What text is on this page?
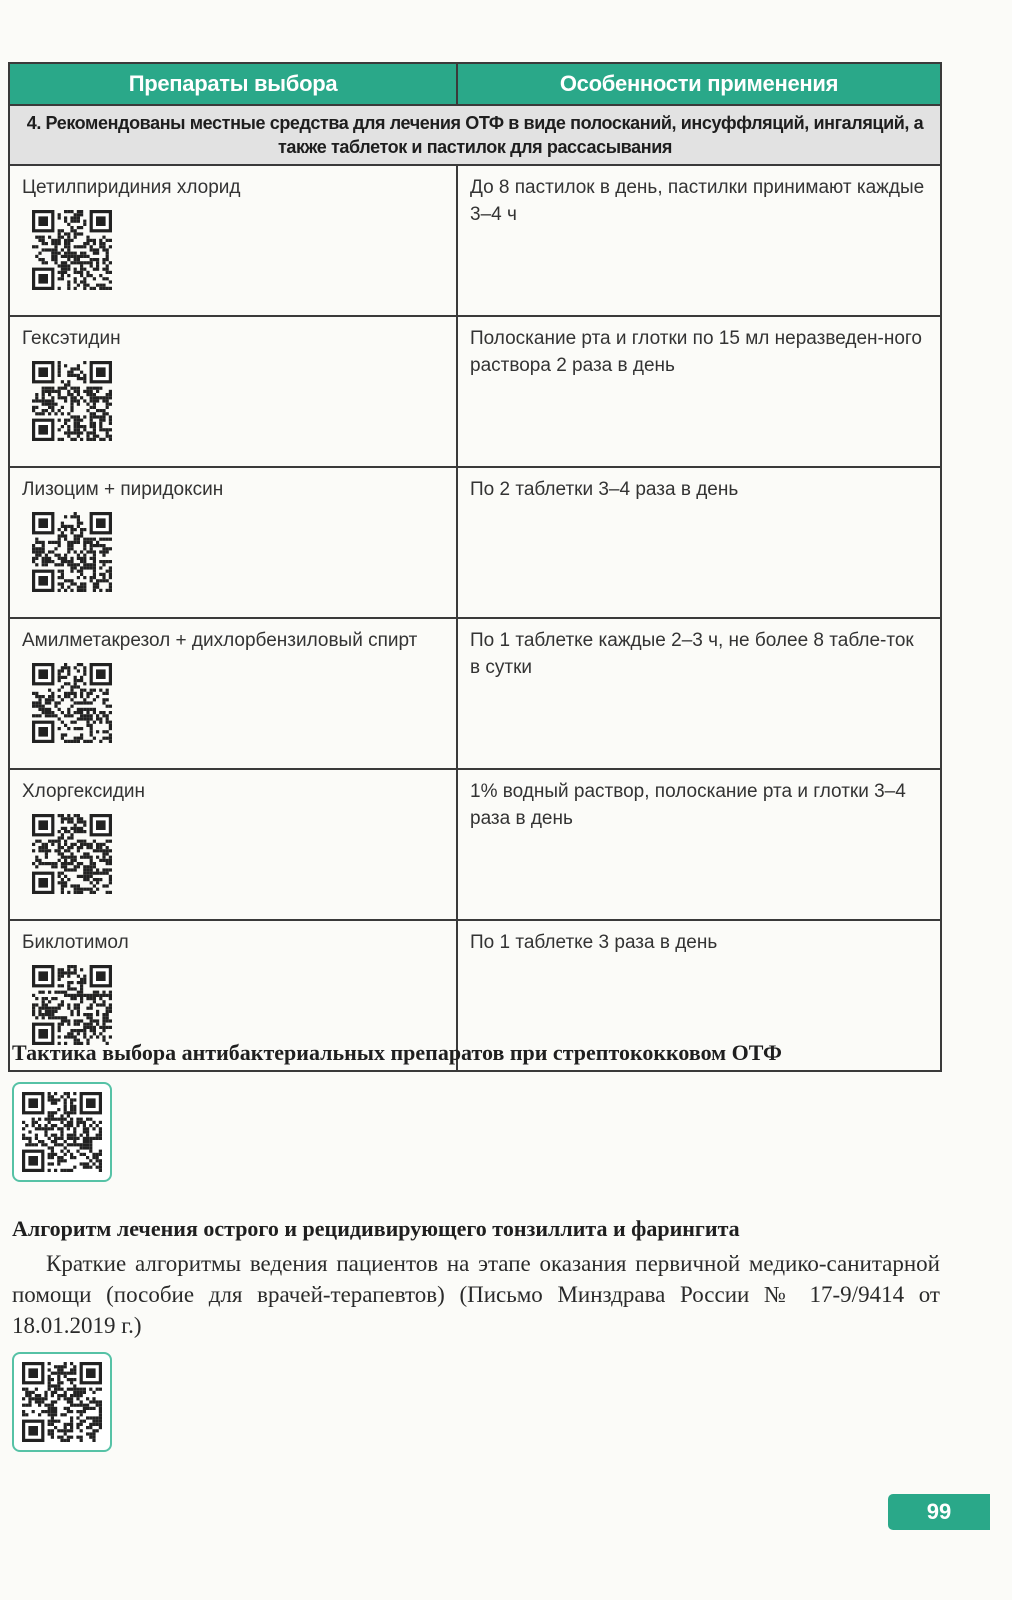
Препараты выбора	Особенности применения
4. Рекомендованы местные средства для лечения ОТФ в виде полосканий, инсуффляций, ингаляций, а также таблеток и пастилок для рассасывания	

Цетилпиридиния хлорид	До 8 пастилок в день, пастилки принимают каждые 3–4 ч

Гексэтидин	Полоскание рта и глотки по 15 мл неразведен-ного раствора 2 раза в день

Лизоцим + пиридоксин	По 2 таблетки 3–4 раза в день

Амилметакрезол + дихлорбензиловый спирт	По 1 таблетке каждые 2–3 ч, не более 8 табле-ток в сутки

Хлоргексидин	1% водный раствор, полоскание рта и глотки 3–4 раза в день

Биклотимол	По 1 таблетке 3 раза в день
Тактика выбора антибактериальных препаратов при стрептококковом ОТФ
Алгоритм лечения острого и рецидивирующего тонзиллита и фарингита

Краткие алгоритмы ведения пациентов на этапе оказания первичной медико-санитарной помощи (пособие для врачей-терапевтов) (Письмо Минздрава России № 17-9/9414 от 18.01.2019 г.)

99
